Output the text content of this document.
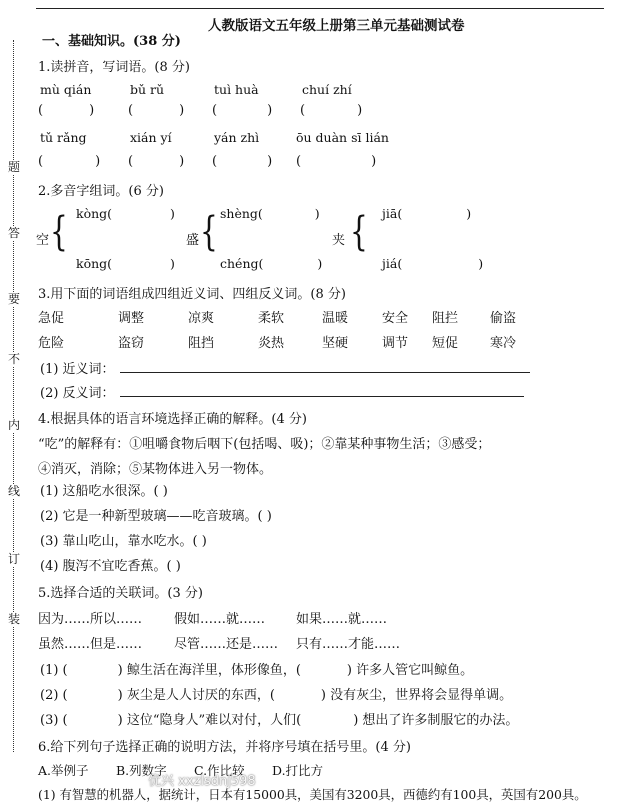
人教版语文五年级上册第三单元基础测试卷
题
答
要
不
内
线
订
装
一、基础知识。(38 分)
1.读拼音，写词语。(8 分)
mù qián	bǔ rǔ	tuì huà	chuí zhí
(	)	(	) (	) (	)
tǔ rǎng	xián yí	yán zhì	ōu duàn sī lián
(	) (	) (	) (	)
2.多音字组词。(6 分)
空 { kòng(	)
kōng(	)
盛 { shèng(	)
chéng(	)
夹 { jiā(	)
jiá(	)
3.用下面的词语组成四组近义词、四组反义词。(8 分)
急促	调整	凉爽	柔软	温暖	安全 阻拦 偷盗
危险	盗窃	阻挡	炎热	坚硬	调节 短促 寒冷
(1) 近义词：
(2) 反义词：
4.根据具体的语言环境选择正确的解释。(4 分)
“吃”的解释有：①咀嚼食物后咽下(包括喝、吸)；②靠某种事物生活；③感受；
④消灭，消除；⑤某物体进入另一物体。
(1) 这船吃水很深。( )
(2) 它是一种新型玻璃——吃音玻璃。( )
(3) 靠山吃山，靠水吃水。( )
(4) 腹泻不宜吃香蕉。( )
5.选择合适的关联词。(3 分)
因为……所以…… 假如……就…… 如果……就……
虽然……但是…… 尽管……还是…… 只有……才能……
(1) (	) 鲸生活在海洋里，体形像鱼，(	) 许多人管它叫鲸鱼。
(2) (	) 灰尘是人人讨厌的东西，(	) 没有灰尘，世界将会显得单调。
(3) (	) 这位“隐身人”难以对付，人们(	) 想出了许多制服它的办法。
6.给下列句子选择正确的说明方法，并将序号填在括号里。(4 分)
A.举例子 B.列数字 C.作比较 D.打比方
(1) 有智慧的机器人，据统计，日本有15000具，美国有3200具，西德约有100具，英国有200具。
优兴 xxzlsdnj598
